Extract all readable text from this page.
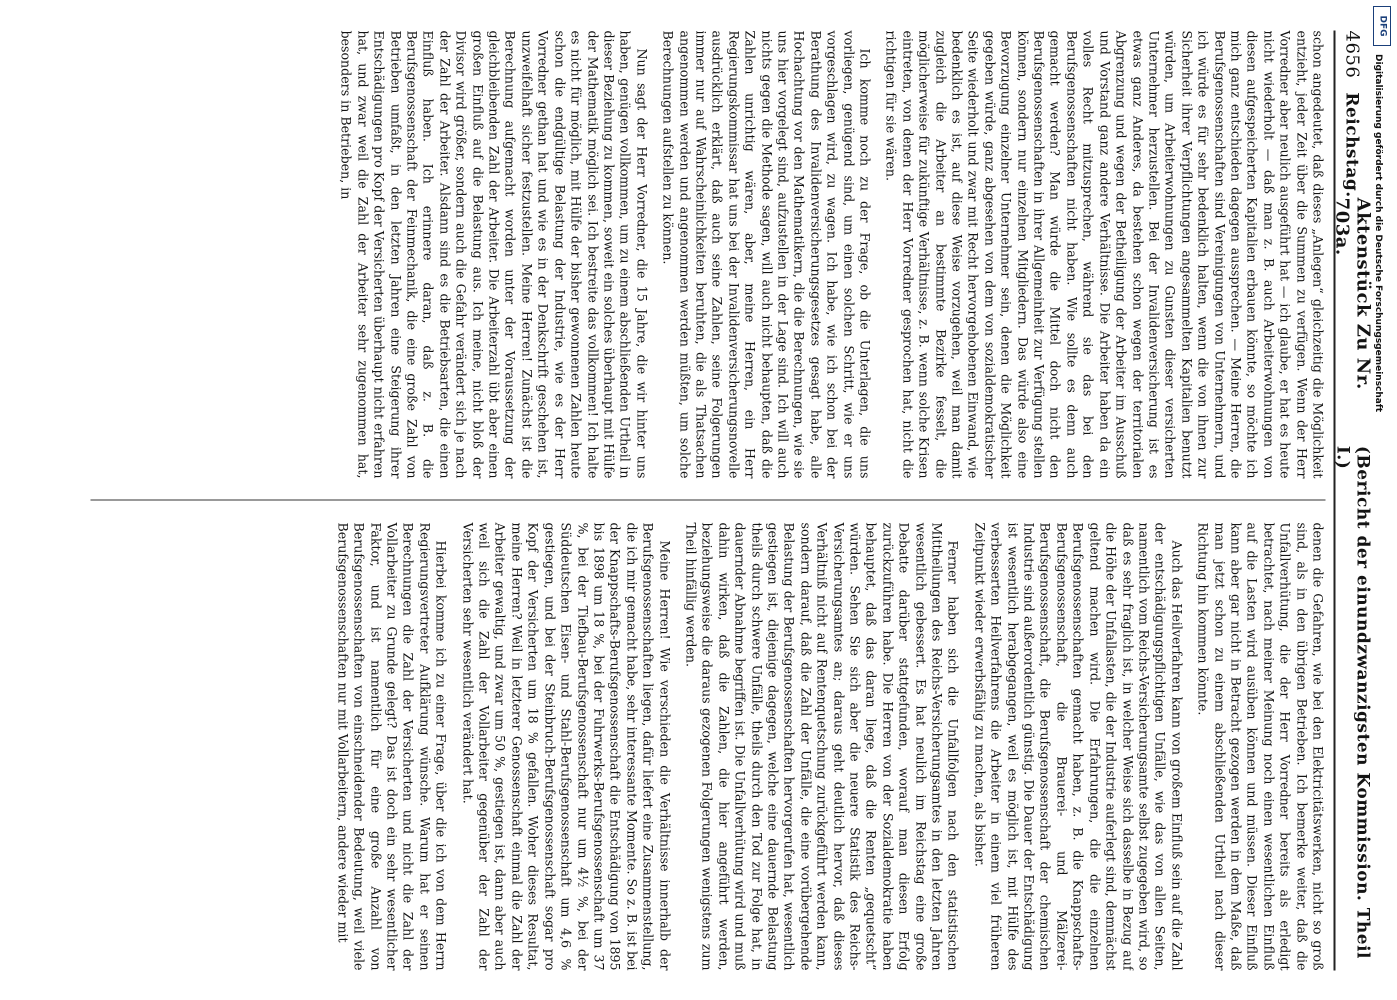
4656
Reichstag.
Aktenstück Zu Nr. 703a.
(Bericht der einundzwanzigsten Kommission. Theil I.)

schon angedeutet, daß dieses „Anlegen“ gleichzeitig die Möglichkeit entzieht, jeder Zeit über die Summen zu verfügen. Wenn der Herr Vorredner aber neulich ausgeführt hat — ich glaube, er hat es heute nicht wiederholt — daß man z. B. auch Arbeiterwohnungen von diesen aufgespeicherten Kapitalien erbauen könnte, so möchte ich mich ganz entschieden dagegen aussprechen. — Meine Herren, die Berufsgenossenschaften sind Vereinigungen von Unternehmern, und ich würde es für sehr bedenklich halten, wenn die von ihnen zur Sicherheit ihrer Verpflichtungen angesammelten Kapitalien benutzt würden, um Arbeiterwohnungen zu Gunsten dieser versicherten Unternehmer herzustellen. Bei der Invalidenversicherung ist es etwas ganz Anderes, da bestehen schon wegen der territorialen Abgrenzung und wegen der Betheiligung der Arbeiter im Ausschuß und Vorstand ganz andere Verhältnisse. Die Arbeiter haben da ein volles Recht mitzusprechen, während sie das bei den Berufsgenossenschaften nicht haben. Wie sollte es denn auch gemacht werden? Man würde die Mittel doch nicht den Berufsgenossenschaften in ihrer Allgemeinheit zur Verfügung stellen können, sondern nur einzelnen Mitgliedern. Das würde also eine Bevorzugung einzelner Unternehmer sein, denen die Möglichkeit gegeben würde, ganz abgesehen von dem von sozialdemokratischer Seite wiederholt und zwar mit Recht hervorgehobenen Einwand, wie bedenklich es ist, auf diese Weise vorzugehen, weil man damit zugleich die Arbeiter an bestimmte Bezirke fesselt, die möglicherweise für zukünftige Verhältnisse, z. B. wenn solche Krisen eintreten, von denen der Herr Vorredner gesprochen hat, nicht die richtigen für sie wären.

Ich komme noch zu der Frage, ob die Unterlagen, die uns vorliegen, genügend sind, um einen solchen Schritt, wie er uns vorgeschlagen wird, zu wagen. Ich habe, wie ich schon bei der Berathung des Invalidenversicherungsgesetzes gesagt habe, alle Hochachtung vor den Mathematikern, die die Berechnungen, wie sie uns hier vorgelegt sind, aufzustellen in der Lage sind. Ich will auch nichts gegen die Methode sagen, will auch nicht behaupten, daß die Zahlen unrichtig wären, aber, meine Herren, ein Herr Regierungskommissar hat uns bei der Invalidenversicherungsnovelle ausdrücklich erklärt, daß auch seine Zahlen, seine Folgerungen immer nur auf Wahrscheinlichkeiten beruhten, die als Thatsachen angenommen werden und angenommen werden müßten, um solche Berechnungen aufstellen zu können.

Nun sagt der Herr Vorredner, die 15 Jahre, die wir hinter uns haben, genügen vollkommen, um zu einem abschließenden Urtheil in dieser Beziehung zu kommen, soweit ein solches überhaupt mit Hülfe der Mathematik möglich sei. Ich bestreite das vollkommen! Ich halte es nicht für möglich, mit Hülfe der bisher gewonnenen Zahlen heute schon die endgültige Belastung der Industrie, wie es der Herr Vorredner gethan hat und wie es in der Denkschrift geschehen ist, unzweifelhaft sicher festzustellen. Meine Herren! Zunächst ist die Berechnung aufgemacht worden unter der Voraussetzung der gleichbleibenden Zahl der Arbeiter. Die Arbeiterzahl übt aber einen großen Einfluß auf die Belastung aus. Ich meine, nicht bloß der Divisor wird größer, sondern auch die Gefahr verändert sich je nach der Zahl der Arbeiter. Alsdann sind es die Betriebsarten, die einen Einfluß haben. Ich erinnere daran, daß z. B. die Berufsgenossenschaft der Feinmechanik, die eine große Zahl von Betrieben umfaßt, in den letzten Jahren eine Steigerung ihrer Entschädigungen pro Kopf der Versicherten überhaupt nicht erfahren hat, und zwar weil die Zahl der Arbeiter sehr zugenommen hat, besonders in Betrieben, in

denen die Gefahren, wie bei den Elektricitätswerken, nicht so groß sind, als in den übrigen Betrieben. Ich bemerke weiter, daß die Unfallverhütung, die der Herr Vorredner bereits als erledigt betrachtet, nach meiner Meinung noch einen wesentlichen Einfluß auf die Lasten wird ausüben können und müssen. Dieser Einfluß kann aber gar nicht in Betracht gezogen werden in dem Maße, daß man jetzt schon zu einem abschließenden Urtheil nach dieser Richtung hin kommen könnte.

Auch das Heilverfahren kann von großem Einfluß sein auf die Zahl der entschädigungspflichtigen Unfälle, wie das von allen Seiten, namentlich vom Reichs-Versicherungsamte selbst zugegeben wird, so daß es sehr fraglich ist, in welcher Weise sich dasselbe in Bezug auf die Höhe der Unfallasten, die der Industrie auferlegt sind, demnächst geltend machen wird. Die Erfahrungen, die die einzelnen Berufsgenossenschaften gemacht haben, z. B. die Knappschafts-Berufsgenossenschaft, die Brauerei- und Mälzerei-Berufsgenossenschaft, die Berufsgenossenschaft der chemischen Industrie sind außerordentlich günstig. Die Dauer der Entschädigung ist wesentlich herabgegangen, weil es möglich ist, mit Hülfe des verbesserten Heilverfahrens die Arbeiter in einem viel früheren Zeitpunkt wieder erwerbsfähig zu machen, als bisher.

Ferner haben sich die Unfallfolgen nach den statistischen Mittheilungen des Reichs-Versicherungsamtes in den letzten Jahren wesentlich gebessert. Es hat neulich im Reichstag eine große Debatte darüber stattgefunden, worauf man diesen Erfolg zurückzuführen habe. Die Herren von der Sozialdemokratie haben behauptet, daß das daran liege, daß die Renten „gequetscht“ würden. Sehen Sie sich aber die neuere Statistik des Reichs-Versicherungsamtes an; daraus geht deutlich hervor, daß dieses Verhältniß nicht auf Rentenquetschung zurückgeführt werden kann, sondern darauf, daß die Zahl der Unfälle, die eine vorübergehende Belastung der Berufsgenossenschaften hervorgerufen hat, wesentlich gestiegen ist, diejenige dagegen, welche eine dauernde Belastung theils durch schwere Unfälle, theils durch den Tod zur Folge hat, in dauernder Abnahme begriffen ist. Die Unfallverhütung wird und muß dahin wirken, daß die Zahlen, die hier angeführt werden, beziehungsweise die daraus gezogenen Folgerungen wenigstens zum Theil hinfällig werden.

Meine Herren! Wie verschieden die Verhältnisse innerhalb der Berufsgenossenschaften liegen, dafür liefert eine Zusammenstellung, die ich mir gemacht habe, sehr interessante Momente. So z. B. ist bei der Knappschafts-Berufsgenossenschaft die Entschädigung von 1895 bis 1898 um 18 %, bei der Fuhrwerks-Berufsgenossenschaft um 37 %, bei der Tiefbau-Berufsgenossenschaft nur um 4½ %, bei der Süddeutschen Eisen- und Stahl-Berufsgenossenschaft um 4,6 % gestiegen, und bei der Steinbruch-Berufsgenossenschaft sogar pro Kopf der Versicherten um 18 % gefallen. Woher dieses Resultat, meine Herren? Weil in letzterer Genossenschaft einmal die Zahl der Arbeiter gewaltig, und zwar um 50 %, gestiegen ist, dann aber auch weil sich die Zahl der Vollarbeiter gegenüber der Zahl der Versicherten sehr wesentlich verändert hat.

Hierbei komme ich zu einer Frage, über die ich von dem Herrn Regierungsvertreter Aufklärung wünsche. Warum hat er seinen Berechnungen die Zahl der Versicherten und nicht die Zahl der Vollarbeiter zu Grunde gelegt? Das ist doch ein sehr wesentlicher Faktor, und ist namentlich für eine große Anzahl von Berufsgenossenschaften von einschneidender Bedeutung, weil viele Berufsgenossenschaften nur mit Vollarbeitern, andere wieder mit

DFG
Digitalisierung gefördert durch die Deutsche Forschungsgemeinschaft
